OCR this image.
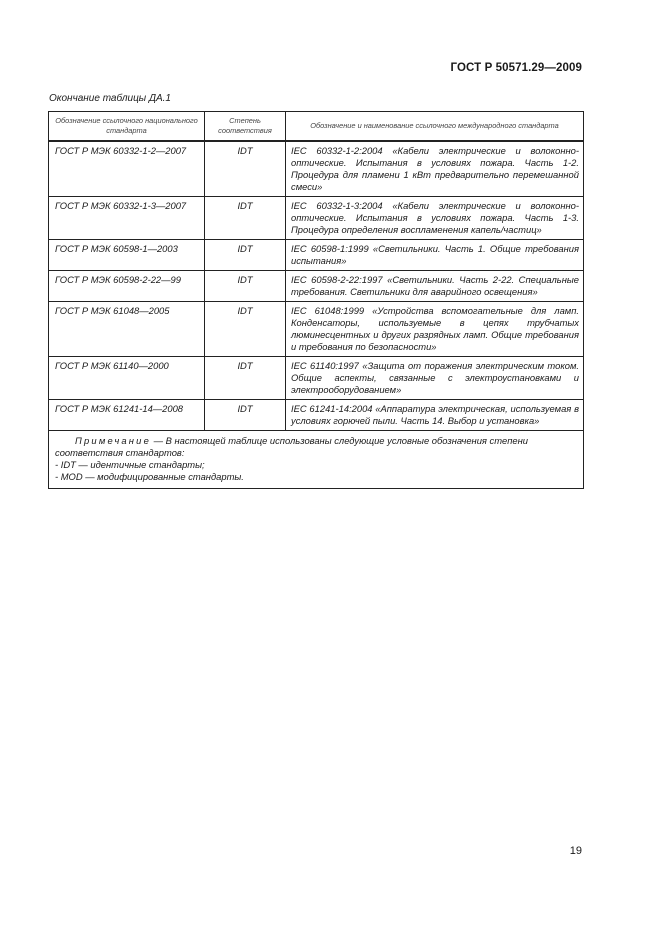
ГОСТ Р 50571.29—2009
Окончание таблицы ДА.1
Обозначение ссылочного национального стандарта	Степень соответствия	Обозначение и наименование ссылочного международного стандарта
ГОСТ Р МЭК 60332-1-2—2007	IDT	IEC 60332-1-2:2004 «Кабели электрические и волоконно-оптические. Испытания в условиях пожара. Часть 1-2. Процедура для пламени 1 кВт предварительно перемешанной смеси»
ГОСТ Р МЭК 60332-1-3—2007	IDT	IEC 60332-1-3:2004 «Кабели электрические и волоконно-оптические. Испытания в условиях пожара. Часть 1-3. Процедура определения воспламенения капель/частиц»
ГОСТ Р МЭК 60598-1—2003	IDT	IEC 60598-1:1999 «Светильники. Часть 1. Общие требования испытания»
ГОСТ Р МЭК 60598-2-22—99	IDT	IEC 60598-2-22:1997 «Светильники. Часть 2-22. Специальные требования. Светильники для аварийного освещения»
ГОСТ Р МЭК 61048—2005	IDT	IEC 61048:1999 «Устройства вспомогательные для ламп. Конденсаторы, используемые в цепях трубчатых люминесцентных и других разрядных ламп. Общие требования и требования по безопасности»
ГОСТ Р МЭК 61140—2000	IDT	IEC 61140:1997 «Защита от поражения электрическим током. Общие аспекты, связанные с электроустановками и электрооборудованием»
ГОСТ Р МЭК 61241-14—2008	IDT	IEC 61241-14:2004 «Аппаратура электрическая, используемая в условиях горючей пыли. Часть 14. Выбор и установка»

Примечание — В настоящей таблице использованы следующие условные обозначения степени соответствия стандартов:
- IDT — идентичные стандарты;
- MOD — модифицированные стандарты.		
19
